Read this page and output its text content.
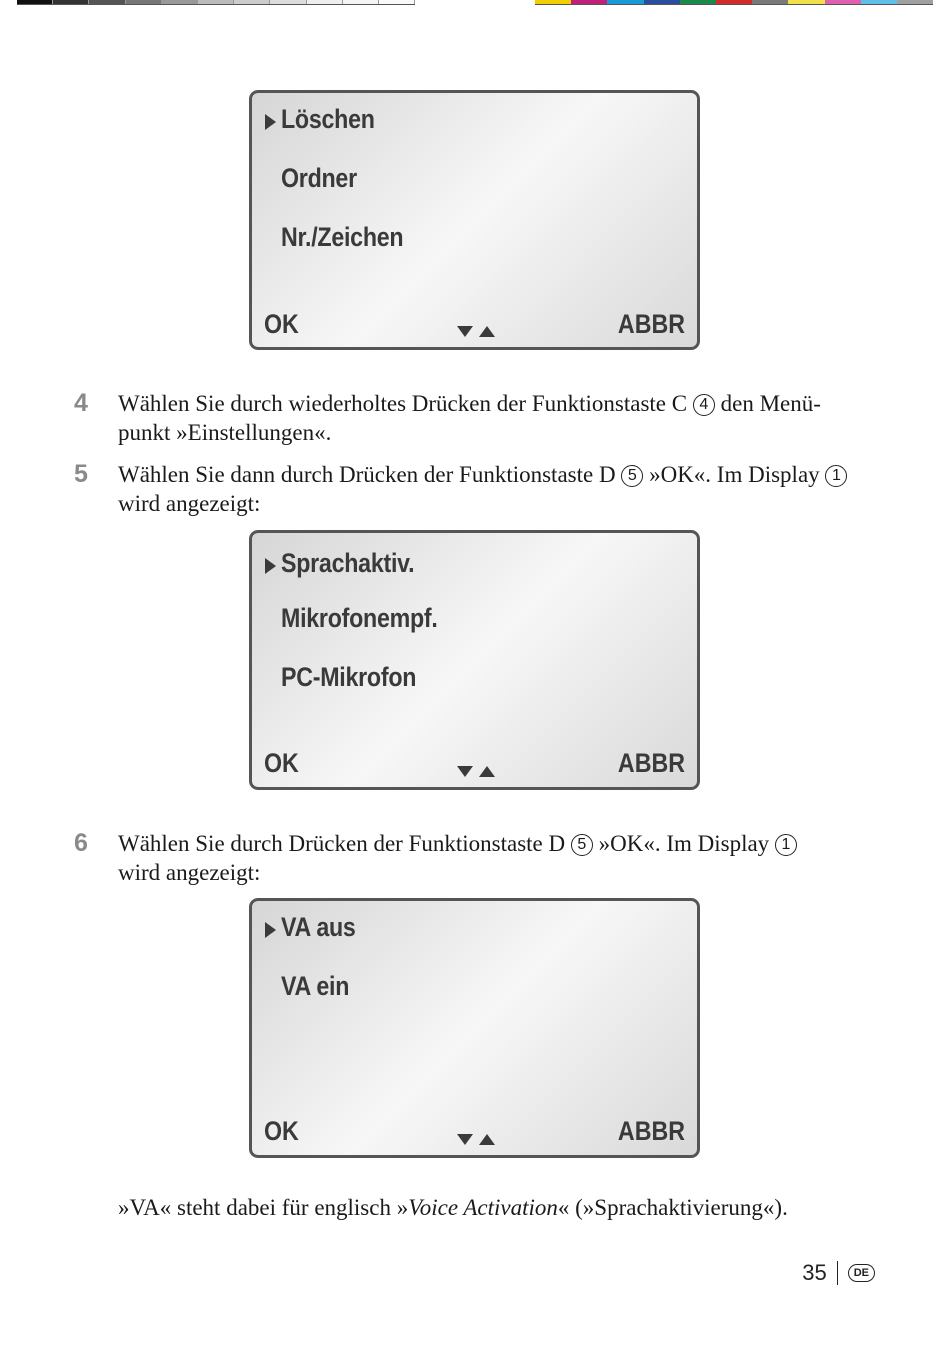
Löschen
Ordner
Nr./Zeichen
OK	ABBR
4 Wählen Sie durch wiederholtes Drücken der Funktionstaste C 4 den Menü-punkt »Einstellungen«.
5 Wählen Sie dann durch Drücken der Funktionstaste D 5 »OK«. Im Display 1 wird angezeigt:
Sprachaktiv.
Mikrofonempf.
PC-Mikrofon
OK	ABBR
6 Wählen Sie durch Drücken der Funktionstaste D 5 »OK«. Im Display 1 wird angezeigt:
VA aus
VA ein
OK	ABBR
»VA« steht dabei für englisch »Voice Activation« (»Sprachaktivierung«).
35	DE
